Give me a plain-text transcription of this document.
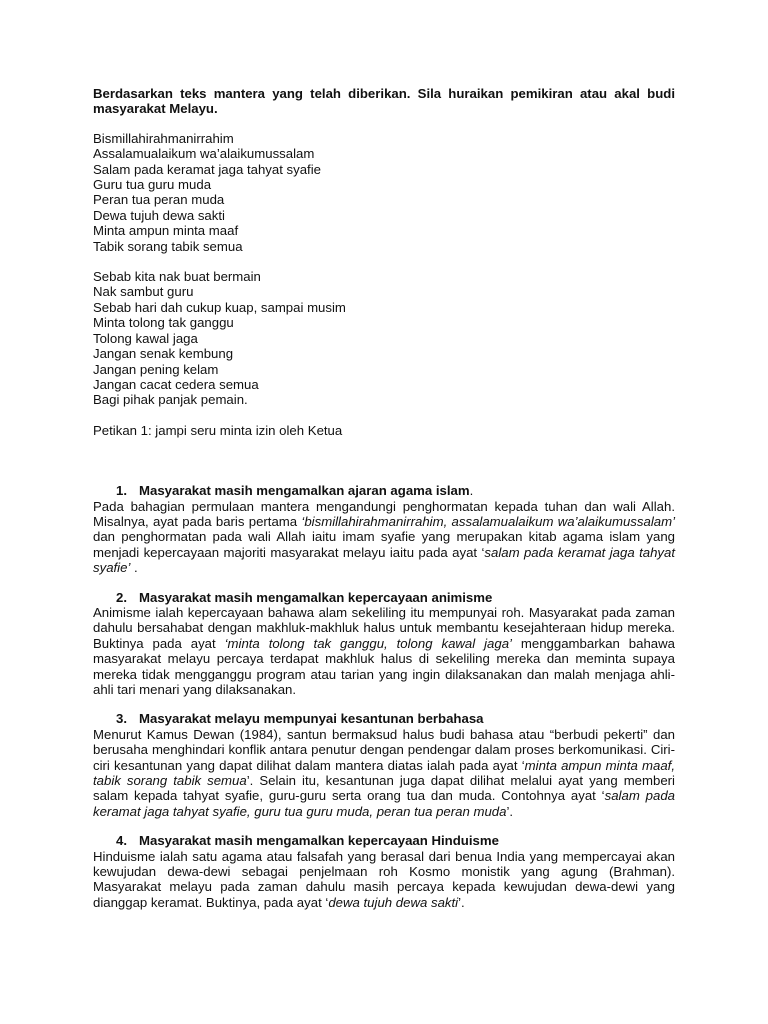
Berdasarkan teks mantera yang telah diberikan. Sila huraikan pemikiran atau akal budi masyarakat Melayu.

Bismillahirahmanirrahim
Assalamualaikum wa’alaikumussalam
Salam pada keramat jaga tahyat syafie
Guru tua guru muda
Peran tua peran muda
Dewa tujuh dewa sakti
Minta ampun minta maaf
Tabik sorang tabik semua
Sebab kita nak buat bermain
Nak sambut guru
Sebab hari dah cukup kuap, sampai musim
Minta tolong tak ganggu
Tolong kawal jaga
Jangan senak kembung
Jangan pening kelam
Jangan cacat cedera semua
Bagi pihak panjak pemain.

Petikan 1: jampi seru minta izin oleh Ketua

1. Masyarakat masih mengamalkan ajaran agama islam.

Pada bahagian permulaan mantera mengandungi penghormatan kepada tuhan dan wali Allah. Misalnya, ayat pada baris pertama ‘bismillahirahmanirrahim, assalamualaikum wa’alaikumussalam’ dan penghormatan pada wali Allah iaitu imam syafie yang merupakan kitab agama islam yang menjadi kepercayaan majoriti masyarakat melayu iaitu pada ayat ‘salam pada keramat jaga tahyat syafie’ .

2. Masyarakat masih mengamalkan kepercayaan animisme

Animisme ialah kepercayaan bahawa alam sekeliling itu mempunyai roh. Masyarakat pada zaman dahulu bersahabat dengan makhluk-makhluk halus untuk membantu kesejahteraan hidup mereka. Buktinya pada ayat ‘minta tolong tak ganggu, tolong kawal jaga’ menggambarkan bahawa masyarakat melayu percaya terdapat makhluk halus di sekeliling mereka dan meminta supaya mereka tidak mengganggu program atau tarian yang ingin dilaksanakan dan malah menjaga ahli-ahli tari menari yang dilaksanakan.

3. Masyarakat melayu mempunyai kesantunan berbahasa

Menurut Kamus Dewan (1984), santun bermaksud halus budi bahasa atau “berbudi pekerti” dan berusaha menghindari konflik antara penutur dengan pendengar dalam proses berkomunikasi. Ciri-ciri kesantunan yang dapat dilihat dalam mantera diatas ialah pada ayat ‘minta ampun minta maaf, tabik sorang tabik semua’. Selain itu, kesantunan juga dapat dilihat melalui ayat yang memberi salam kepada tahyat syafie, guru-guru serta orang tua dan muda. Contohnya ayat ‘salam pada keramat jaga tahyat syafie, guru tua guru muda, peran tua peran muda’.

4. Masyarakat masih mengamalkan kepercayaan Hinduisme

Hinduisme ialah satu agama atau falsafah yang berasal dari benua India yang mempercayai akan kewujudan dewa-dewi sebagai penjelmaan roh Kosmo monistik yang agung (Brahman). Masyarakat melayu pada zaman dahulu masih percaya kepada kewujudan dewa-dewi yang dianggap keramat. Buktinya, pada ayat ‘dewa tujuh dewa sakti’.
